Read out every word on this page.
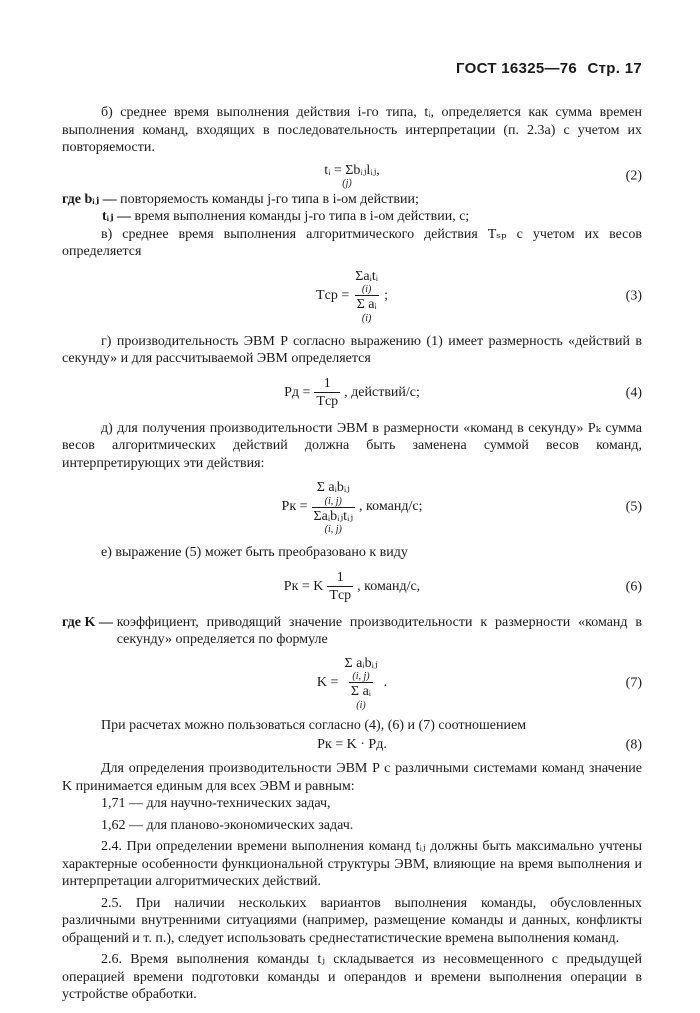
ГОСТ 16325—76 Стр. 17

б) среднее время выполнения действия i-го типа, tᵢ, определяется как сумма времен выполнения команд, входящих в последовательность интерпретации (п. 2.3а) с учетом их повторяемости.

tᵢ = Σbᵢⱼlᵢⱼ,
(j)
(2)
где bᵢⱼ —
повторяемость команды j-го типа в i-ом действии;
tᵢⱼ —
время выполнения команды j-го типа в i-ом действии, с;

в) среднее время выполнения алгоритмического действия Tₛₚ с учетом их весов определяется

Tср = Σaᵢtᵢ
(i)
Σ aᵢ
(i) ;	(3)

г) производительность ЭВМ P согласно выражению (1) имеет размерность «действий в секунду» и для рассчитываемой ЭВМ определяется

Pд = $\frac{1}{\text{Tср}}$ , действий/с;	(4)

д) для получения производительности ЭВМ в размерности «команд в секунду» Pₖ сумма весов алгоритмических действий должна быть заменена суммой весов команд, интерпретирующих эти действия:

Pк = Σ aᵢbᵢⱼ
(i, j)
Σaᵢbᵢⱼtᵢⱼ
(i, j) , команд/с;	(5)

е) выражение (5) может быть преобразовано к виду

Pк = K $\frac{1}{\text{Tср}}$ , команд/с,	(6)
где K — коэффициент, приводящий значение производительности к размерности «команд в секунду» определяется по формуле
K = Σ aᵢbᵢⱼ
(i, j)
Σ aᵢ
(i) .	(7)

При расчетах можно пользоваться согласно (4), (6) и (7) соотношением

Pк = K · Pд.	(8)

Для определения производительности ЭВМ P с различными системами команд значение K принимается единым для всех ЭВМ и равным:

1,71 — для научно-технических задач,
1,62 — для планово-экономических задач.

2.4. При определении времени выполнения команд tᵢⱼ должны быть максимально учтены характерные особенности функциональной структуры ЭВМ, влияющие на время выполнения и интерпретации алгоритмических действий.

2.5. При наличии нескольких вариантов выполнения команды, обусловленных различными внутренними ситуациями (например, размещение команды и данных, конфликты обращений и т. п.), следует использовать среднестатистические времена выполнения команд.

2.6. Время выполнения команды tⱼ складывается из несовмещенного с предыдущей операцией времени подготовки команды и операндов и времени выполнения операции в устройстве обработки.
